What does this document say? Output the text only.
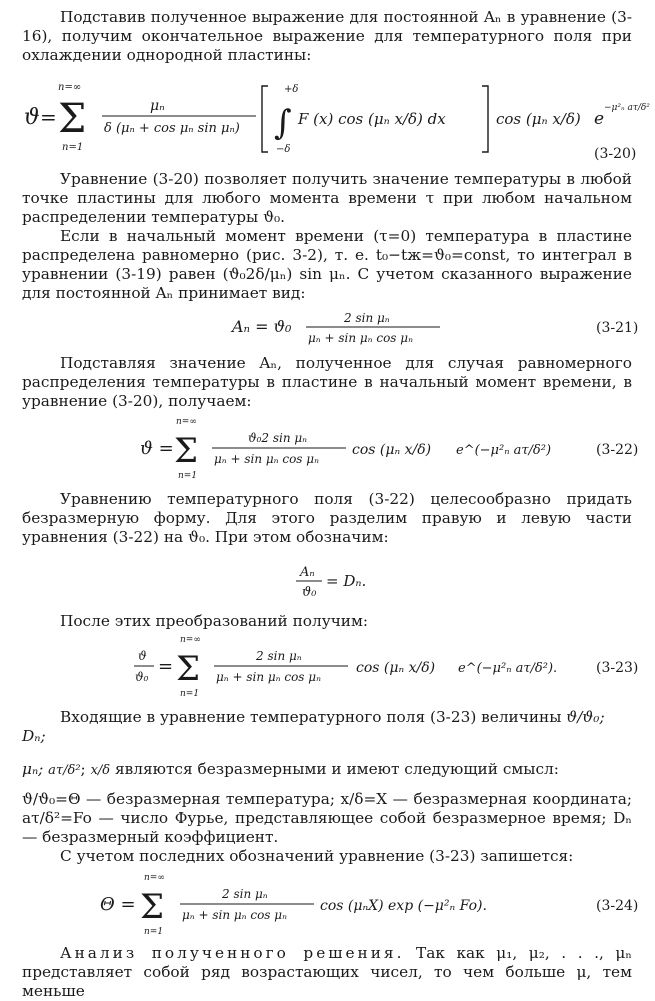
Подставив полученное выражение для постоянной Aₙ в уравнение (3-16), получим окончательное выражение для температурного поля при охлаждении однородной пластины:

ϑ =
n=∞
Σ
n=1
μₙ
δ (μₙ + cos μₙ sin μₙ)
+δ
∫
−δ
F (x) cos (μₙ x/δ) dx	cos (μₙ x/δ) e
−μ²ₙ aτ/δ²
(3-20)

Уравнение (3-20) позволяет получить значение температуры в любой точке пластины для любого момента времени τ при любом начальном распределении температуры ϑ₀.

Если в начальный момент времени (τ=0) температура в пластине распределена равномерно (рис. 3-2), т. е. t₀−tж=ϑ₀=const, то интеграл в уравнении (3-19) равен (ϑ₀2δ/μₙ) sin μₙ. С учетом сказанного выражение для постоянной Aₙ принимает вид:

Aₙ = ϑ₀	2 sin μₙ
μₙ + sin μₙ cos μₙ
(3-21)

Подставляя значение Aₙ, полученное для случая равномерного распределения температуры в пластине в начальный момент времени, в уравнение (3-20), получаем:

ϑ =
n=∞
Σ
n=1
ϑ₀2 sin μₙ
μₙ + sin μₙ cos μₙ
cos (μₙ x/δ) e^(−μ²ₙ aτ/δ²)	(3-22)

Уравнению температурного поля (3-22) целесообразно придать безразмерную форму. Для этого разделим правую и левую части уравнения (3-22) на ϑ₀. При этом обозначим:

Aₙ
ϑ₀
= Dₙ.

После этих преобразований получим:

ϑ
ϑ₀ =
n=∞
Σ
n=1
2 sin μₙ
μₙ + sin μₙ cos μₙ
cos (μₙ x/δ) e^(−μ²ₙ aτ/δ²).	(3-23)

Входящие в уравнение температурного поля (3-23) величины ϑ/ϑ₀; Dₙ;

μₙ; aτ/δ²; x/δ являются безразмерными и имеют следующий смысл:

ϑ/ϑ₀=Θ — безразмерная температура; x/δ=X — безразмерная координата; aτ/δ²=Fo — число Фурье, представляющее собой безразмерное время; Dₙ — безразмерный коэффициент.

С учетом последних обозначений уравнение (3-23) запишется:

Θ =
n=∞
Σ
n=1
2 sin μₙ
μₙ + sin μₙ cos μₙ
cos (μₙX) exp (−μ²ₙ Fo).	(3-24)

Анализ полученного решения. Так как μ₁, μ₂, . . ., μₙ представляет собой ряд возрастающих чисел, то чем больше μ, тем меньше
